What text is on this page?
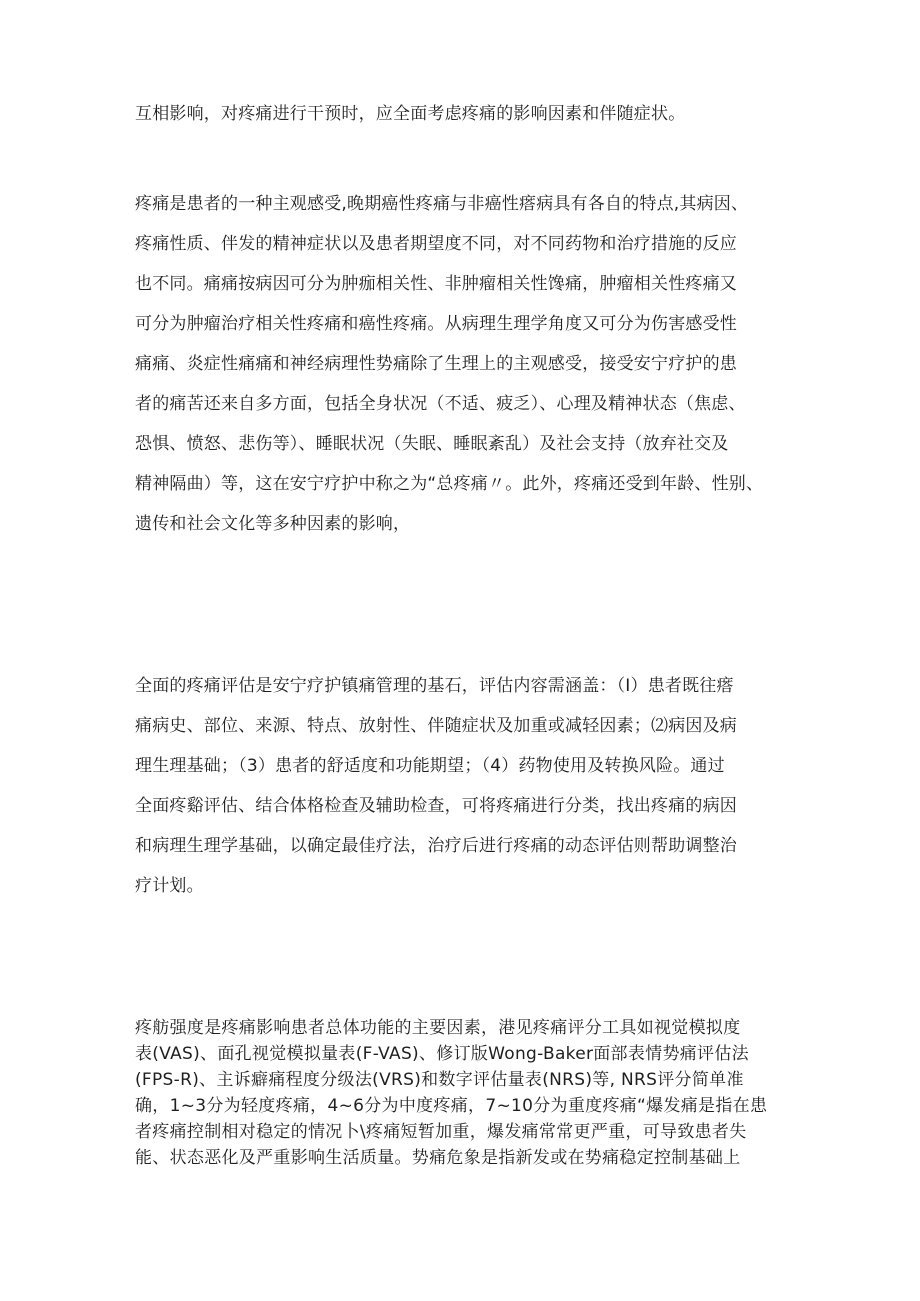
互相影响，对疼痛进行干预时，应全面考虑疼痛的影响因素和伴随症状。

疼痛是患者的一种主观感受,晚期癌性疼痛与非癌性瘩病具有各自的特点,其病因、
疼痛性质、伴发的精神症状以及患者期望度不同，对不同药物和治疗措施的反应
也不同。痛痛按病因可分为肿痂相关性、非肿瘤相关性馋痛，肿瘤相关性疼痛又
可分为肿瘤治疗相关性疼痛和癌性疼痛。从病理生理学角度又可分为伤害感受性
痛痛、炎症性痛痛和神经病理性势痛除了生理上的主观感受，接受安宁疗护的患
者的痛苦还来自多方面，包括全身状况（不适、疲乏）、心理及精神状态（焦虑、
恐惧、愤怒、悲伤等）、睡眠状况（失眠、睡眠紊乱）及社会支持（放弃社交及
精神隔曲）等，这在安宁疗护中称之为“总疼痛〃。此外，疼痛还受到年龄、性别、
遗传和社会文化等多种因素的影响，

全面的疼痛评估是安宁疗护镇痛管理的基石，评估内容需涵盖：（I）患者既往瘩
痛病史、部位、来源、特点、放射性、伴随症状及加重或减轻因素；⑵病因及病
理生理基础；（3）患者的舒适度和功能期望；（4）药物使用及转换风险。通过
全面疼谿评估、结合体格检查及辅助检查，可将疼痛进行分类，找出疼痛的病因
和病理生理学基础，以确定最佳疗法，治疗后进行疼痛的动态评估则帮助调整治
疗计划。

疼舫强度是疼痛影响患者总体功能的主要因素，港见疼痛评分工具如视觉模拟度
表(VAS)、面孔视觉模拟量表(F-VAS)、修订版Wong-Baker面部表情势痛评估法
(FPS-R)、主诉癖痛程度分级法(VRS)和数字评估量表(NRS)等, NRS评分简单准
确，1~3分为轻度疼痛，4~6分为中度疼痛，7~10分为重度疼痛“爆发痛是指在患
者疼痛控制相对稳定的情况卜\疼痛短暂加重，爆发痛常常更严重，可导致患者失
能、状态恶化及严重影响生活质量。势痛危象是指新发或在势痛稳定控制基础上
